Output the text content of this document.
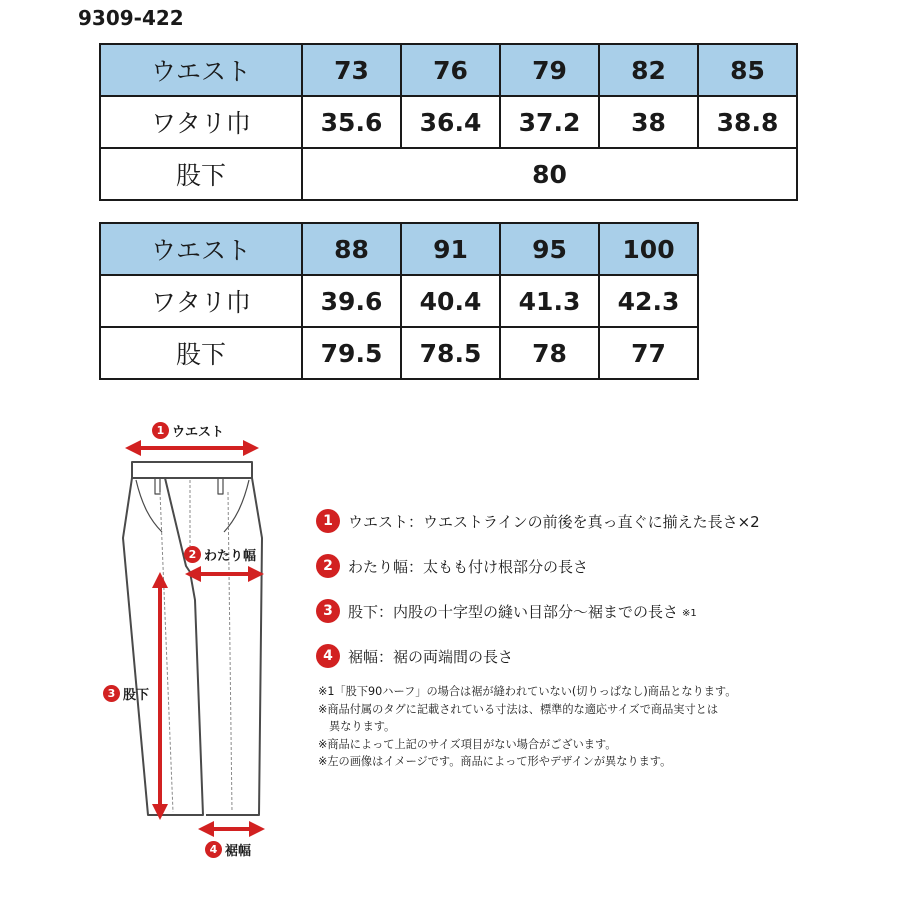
9309-422
ウエスト	73	76	79	82	85
ワタリ巾	35.6	36.4	37.2	38	38.8
股下	80				
ウエスト	88	91	95	100
ワタリ巾	39.6	40.4	41.3	42.3
股下	79.5	78.5	78	77
1 ウエスト
2 わたり幅
3 股下
4 裾幅
1	ウエスト： ウエストラインの前後を真っ直ぐに揃えた長さ×2
2	わたり幅： 太もも付け根部分の長さ
3	股下： 内股の十字型の縫い目部分〜裾までの長さ ※1
4	裾幅： 裾の両端間の長さ
※1「股下90ハーフ」の場合は裾が縫われていない(切りっぱなし)商品となります。
※商品付属のタグに記載されている寸法は、標準的な適応サイズで商品実寸とは
異なります。
※商品によって上記のサイズ項目がない場合がございます。
※左の画像はイメージです。商品によって形やデザインが異なります。
